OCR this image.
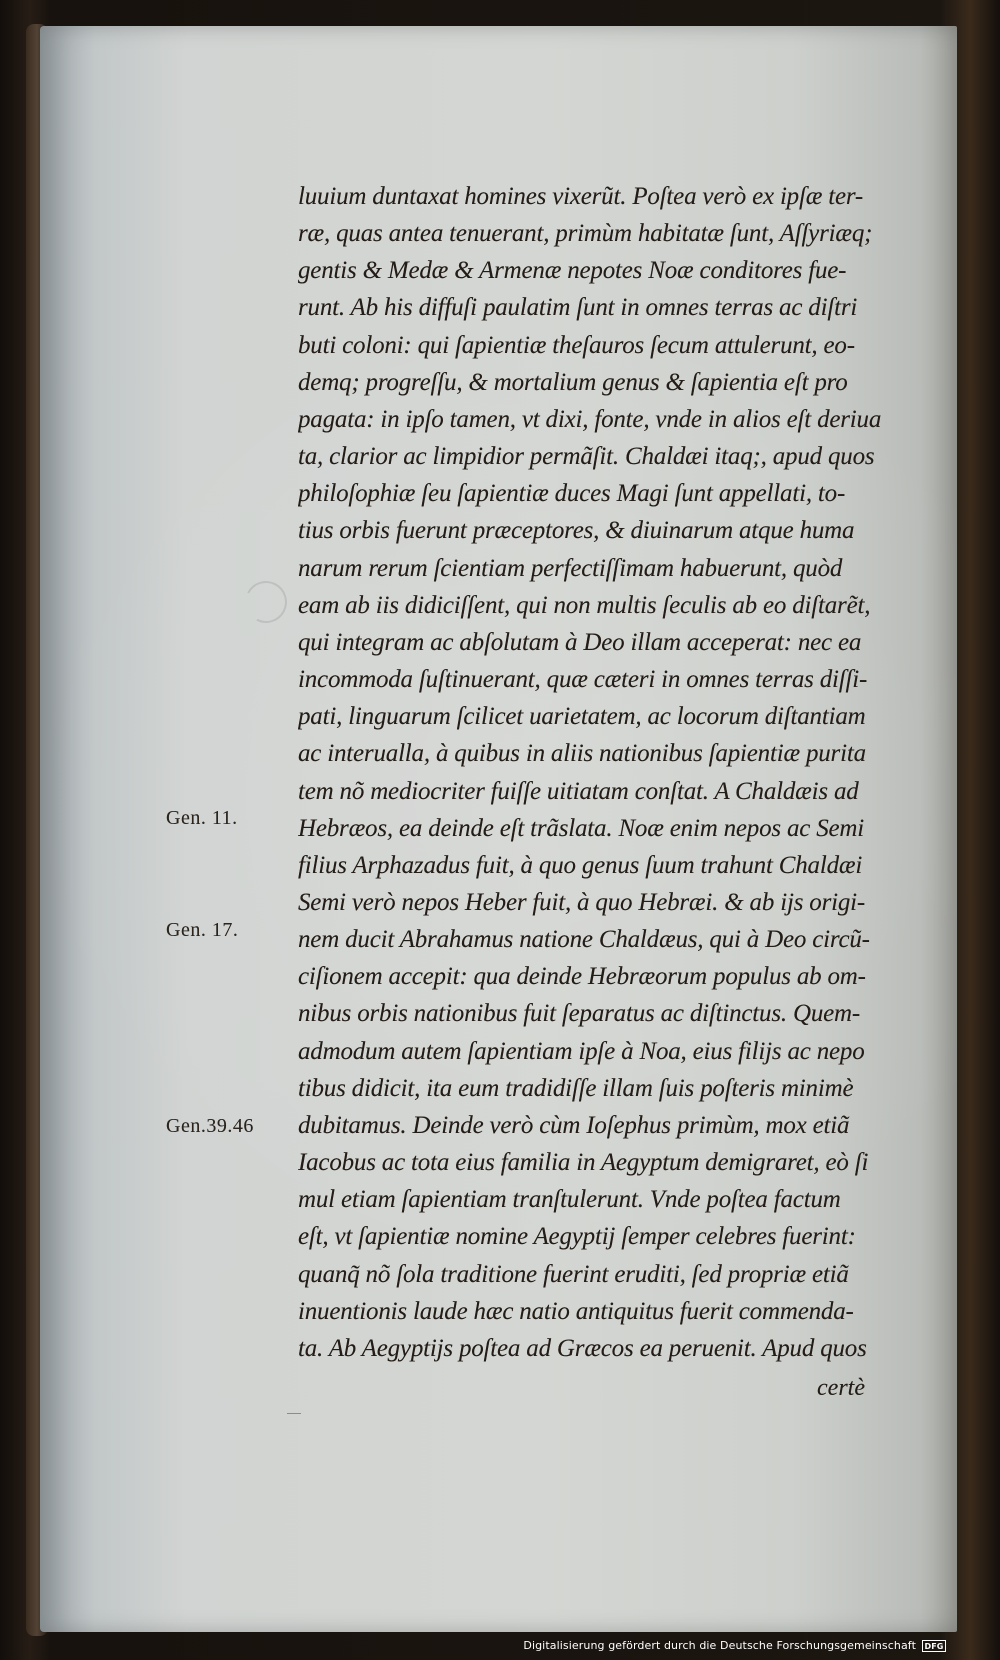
Gen. 11.
Gen. 17.
Gen.39.46
luuium duntaxat homines vixerũt. Poſtea verò ex ipſæ ter-
ræ, quas antea tenuerant, primùm habitatæ ſunt, Aſſyriæq;
gentis & Medæ & Armenæ nepotes Noæ conditores fue-
runt. Ab his diffuſi paulatim ſunt in omnes terras ac diſtri
buti coloni: qui ſapientiæ theſauros ſecum attulerunt, eo-
demq; progreſſu, & mortalium genus & ſapientia eſt pro
pagata: in ipſo tamen, vt dixi, fonte, vnde in alios eſt deriua
ta, clarior ac limpidior permãſit. Chaldæi itaq;, apud quos
philoſophiæ ſeu ſapientiæ duces Magi ſunt appellati, to-
tius orbis fuerunt præceptores, & diuinarum atque huma
narum rerum ſcientiam perfectiſſimam habuerunt, quòd
eam ab iis didiciſſent, qui non multis ſeculis ab eo diſtarẽt,
qui integram ac abſolutam à Deo illam acceperat: nec ea
incommoda ſuſtinuerant, quæ cæteri in omnes terras diſſi-
pati, linguarum ſcilicet uarietatem, ac locorum diſtantiam
ac interualla, à quibus in aliis nationibus ſapientiæ purita
tem nõ mediocriter fuiſſe uitiatam conſtat. A Chaldæis ad
Hebræos, ea deinde eſt trãslata. Noæ enim nepos ac Semi
filius Arphazadus fuit, à quo genus ſuum trahunt Chaldæi
Semi verò nepos Heber fuit, à quo Hebræi. & ab ijs origi-
nem ducit Abrahamus natione Chaldæus, qui à Deo circũ-
ciſionem accepit: qua deinde Hebræorum populus ab om-
nibus orbis nationibus fuit ſeparatus ac diſtinctus. Quem-
admodum autem ſapientiam ipſe à Noa, eius filijs ac nepo
tibus didicit, ita eum tradidiſſe illam ſuis poſteris minimè
dubitamus. Deinde verò cùm Ioſephus primùm, mox etiã
Iacobus ac tota eius familia in Aegyptum demigraret, eò ſi
mul etiam ſapientiam tranſtulerunt. Vnde poſtea factum
eſt, vt ſapientiæ nomine Aegyptij ſemper celebres fuerint:
quanq̃ nõ ſola traditione fuerint eruditi, ſed propriæ etiã
inuentionis laude hæc natio antiquitus fuerit commenda-
ta. Ab Aegyptijs poſtea ad Græcos ea peruenit. Apud quos
certè
Digitalisierung gefördert durch die Deutsche Forschungsgemeinschaft	DFG
